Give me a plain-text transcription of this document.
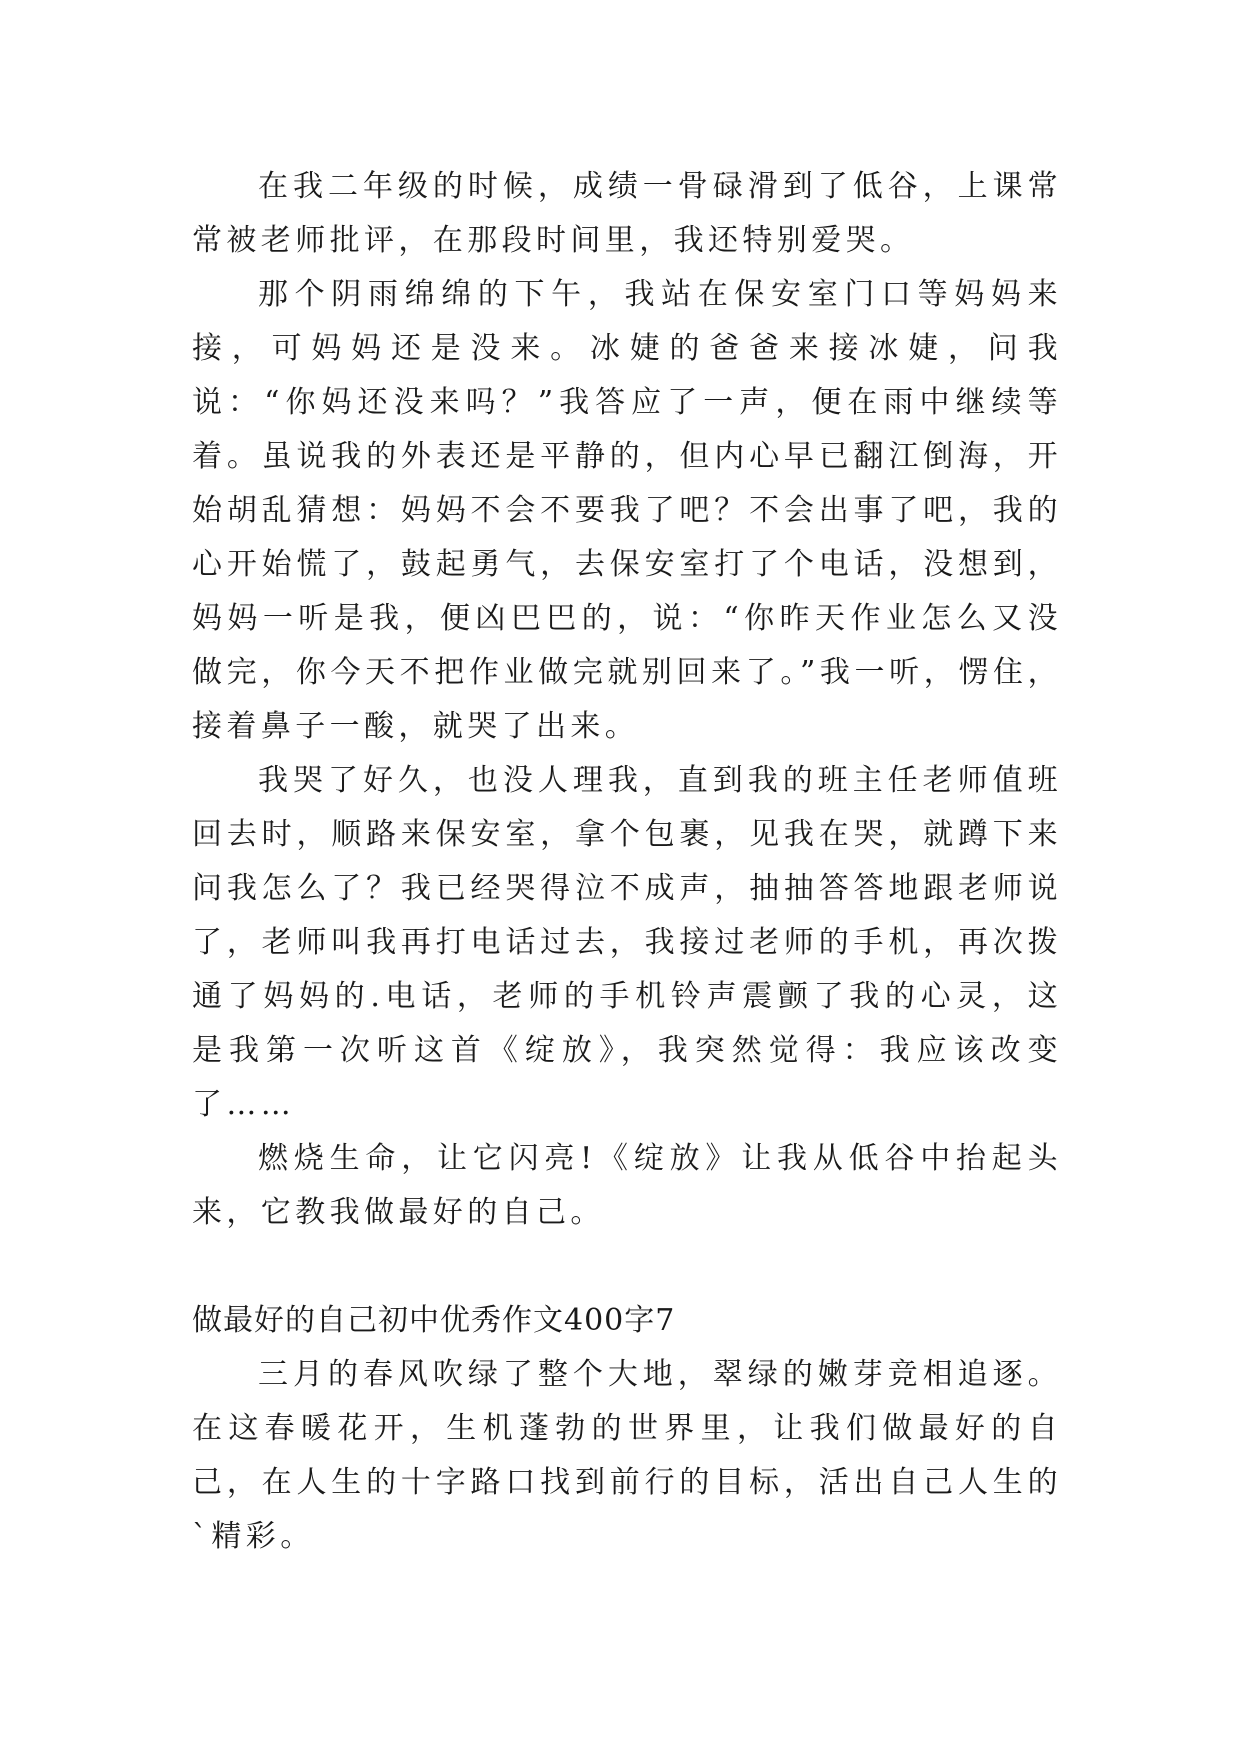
在我二年级的时候，成绩一骨碌滑到了低谷，上课常常被老师批评，在那段时间里，我还特别爱哭。

那个阴雨绵绵的下午，我站在保安室门口等妈妈来接，可妈妈还是没来。冰婕的爸爸来接冰婕，问我说：“你妈还没来吗？”我答应了一声，便在雨中继续等着。虽说我的外表还是平静的，但内心早已翻江倒海，开始胡乱猜想：妈妈不会不要我了吧？不会出事了吧，我的心开始慌了，鼓起勇气，去保安室打了个电话，没想到，妈妈一听是我，便凶巴巴的，说：“你昨天作业怎么又没做完，你今天不把作业做完就别回来了。”我一听，愣住，接着鼻子一酸，就哭了出来。

我哭了好久，也没人理我，直到我的班主任老师值班回去时，顺路来保安室，拿个包裹，见我在哭，就蹲下来问我怎么了？我已经哭得泣不成声，抽抽答答地跟老师说了，老师叫我再打电话过去，我接过老师的手机，再次拨通了妈妈的.电话，老师的手机铃声震颤了我的心灵，这是我第一次听这首《绽放》，我突然觉得：我应该改变了……

燃烧生命，让它闪亮!《绽放》让我从低谷中抬起头来，它教我做最好的自己。

做最好的自己初中优秀作文400字7

三月的春风吹绿了整个大地，翠绿的嫩芽竞相追逐。在这春暖花开，生机蓬勃的世界里，让我们做最好的自己，在人生的十字路口找到前行的目标，活出自己人生的`精彩。
